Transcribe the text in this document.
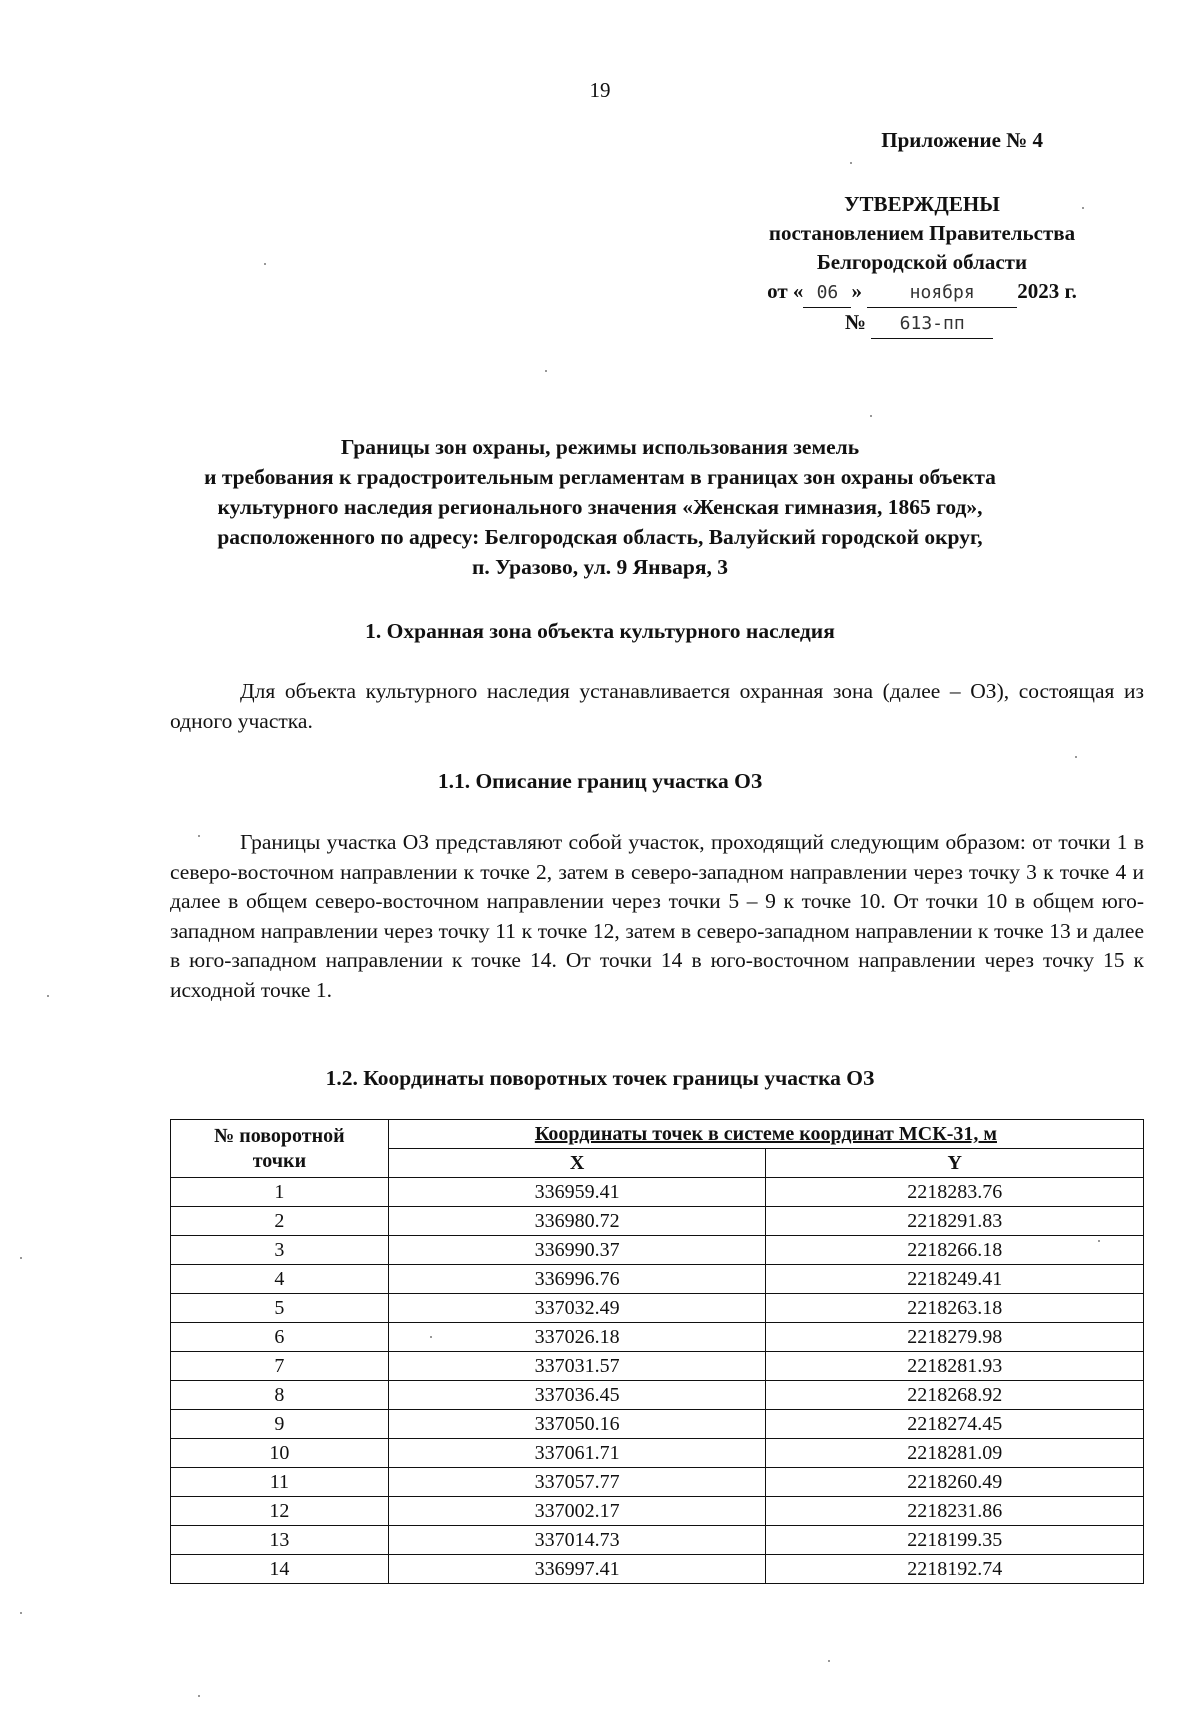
19
Приложение № 4
УТВЕРЖДЕНЫ
постановлением Правительства
Белгородской области
от « 06 »	ноября 2023 г.
№ 613-пп
Границы зон охраны, режимы использования земель
и требования к градостроительным регламентам в границах зон охраны объекта
культурного наследия регионального значения «Женская гимназия, 1865 год»,
расположенного по адресу: Белгородская область, Валуйский городской округ,
п. Уразово, ул. 9 Января, 3
1. Охранная зона объекта культурного наследия

Для объекта культурного наследия устанавливается охранная зона (далее – ОЗ), состоящая из одного участка.

1.1. Описание границ участка ОЗ

Границы участка ОЗ представляют собой участок, проходящий следующим образом: от точки 1 в северо-восточном направлении к точке 2, затем в северо-западном направлении через точку 3 к точке 4 и далее в общем северо-восточном направлении через точки 5 – 9 к точке 10. От точки 10 в общем юго-западном направлении через точку 11 к точке 12, затем в северо-западном направлении к точке 13 и далее в юго-западном направлении к точке 14. От точки 14 в юго-восточном направлении через точку 15 к исходной точке 1.

1.2. Координаты поворотных точек границы участка ОЗ
№ поворотной
точки	Координаты точек в системе координат МСК-31, м	
	X	Y
1	336959.41	2218283.76
2	336980.72	2218291.83
3	336990.37	2218266.18
4	336996.76	2218249.41
5	337032.49	2218263.18
6	337026.18	2218279.98
7	337031.57	2218281.93
8	337036.45	2218268.92
9	337050.16	2218274.45
10	337061.71	2218281.09
11	337057.77	2218260.49
12	337002.17	2218231.86
13	337014.73	2218199.35
14	336997.41	2218192.74
